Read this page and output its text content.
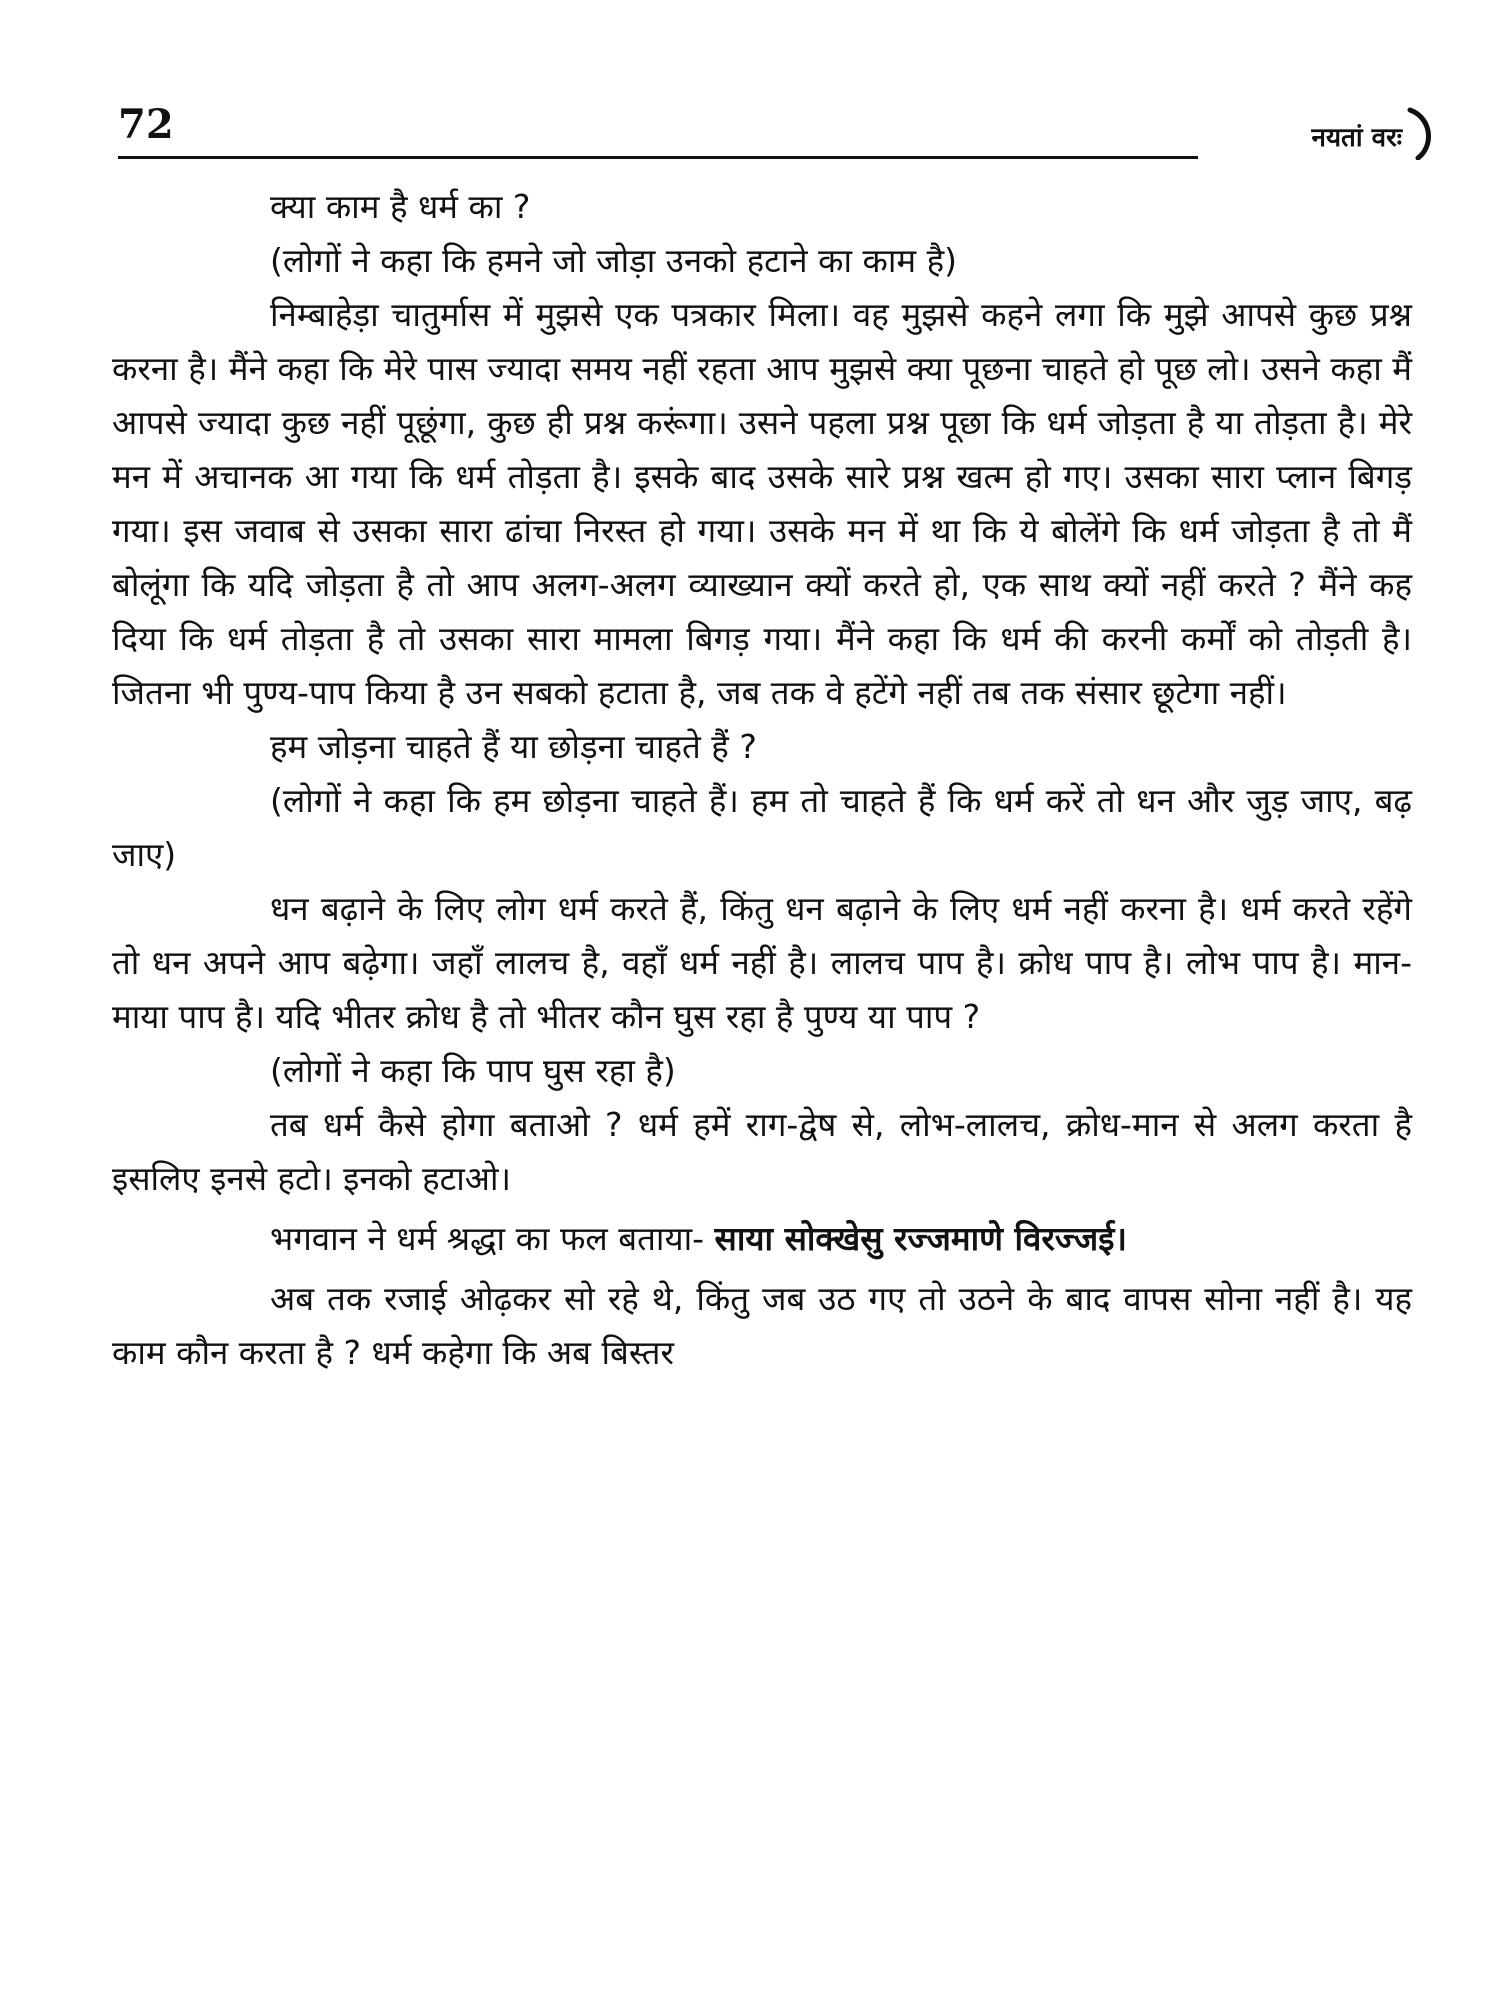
72	नयतां वरः

क्या काम है धर्म का ?

(लोगों ने कहा कि हमने जो जोड़ा उनको हटाने का काम है)

निम्बाहेड़ा चातुर्मास में मुझसे एक पत्रकार मिला। वह मुझसे कहने लगा कि मुझे आपसे कुछ प्रश्न करना है। मैंने कहा कि मेरे पास ज्यादा समय नहीं रहता आप मुझसे क्या पूछना चाहते हो पूछ लो। उसने कहा मैं आपसे ज्यादा कुछ नहीं पूछूंगा, कुछ ही प्रश्न करूंगा। उसने पहला प्रश्न पूछा कि धर्म जोड़ता है या तोड़ता है। मेरे मन में अचानक आ गया कि धर्म तोड़ता है। इसके बाद उसके सारे प्रश्न खत्म हो गए। उसका सारा प्लान बिगड़ गया। इस जवाब से उसका सारा ढांचा निरस्त हो गया। उसके मन में था कि ये बोलेंगे कि धर्म जोड़ता है तो मैं बोलूंगा कि यदि जोड़ता है तो आप अलग-अलग व्याख्यान क्यों करते हो, एक साथ क्यों नहीं करते ? मैंने कह दिया कि धर्म तोड़ता है तो उसका सारा मामला बिगड़ गया। मैंने कहा कि धर्म की करनी कर्मों को तोड़ती है। जितना भी पुण्य-पाप किया है उन सबको हटाता है, जब तक वे हटेंगे नहीं तब तक संसार छूटेगा नहीं।

हम जोड़ना चाहते हैं या छोड़ना चाहते हैं ?

(लोगों ने कहा कि हम छोड़ना चाहते हैं। हम तो चाहते हैं कि धर्म करें तो धन और जुड़ जाए, बढ़ जाए)

धन बढ़ाने के लिए लोग धर्म करते हैं, किंतु धन बढ़ाने के लिए धर्म नहीं करना है। धर्म करते रहेंगे तो धन अपने आप बढ़ेगा। जहाँ लालच है, वहाँ धर्म नहीं है। लालच पाप है। क्रोध पाप है। लोभ पाप है। मान-माया पाप है। यदि भीतर क्रोध है तो भीतर कौन घुस रहा है पुण्य या पाप ?

(लोगों ने कहा कि पाप घुस रहा है)

तब धर्म कैसे होगा बताओ ? धर्म हमें राग-द्वेष से, लोभ-लालच, क्रोध-मान से अलग करता है इसलिए इनसे हटो। इनको हटाओ।

भगवान ने धर्म श्रद्धा का फल बताया- साया सोक्खेसु रज्जमाणे विरज्जई।

अब तक रजाई ओढ़कर सो रहे थे, किंतु जब उठ गए तो उठने के बाद वापस सोना नहीं है। यह काम कौन करता है ? धर्म कहेगा कि अब बिस्तर
